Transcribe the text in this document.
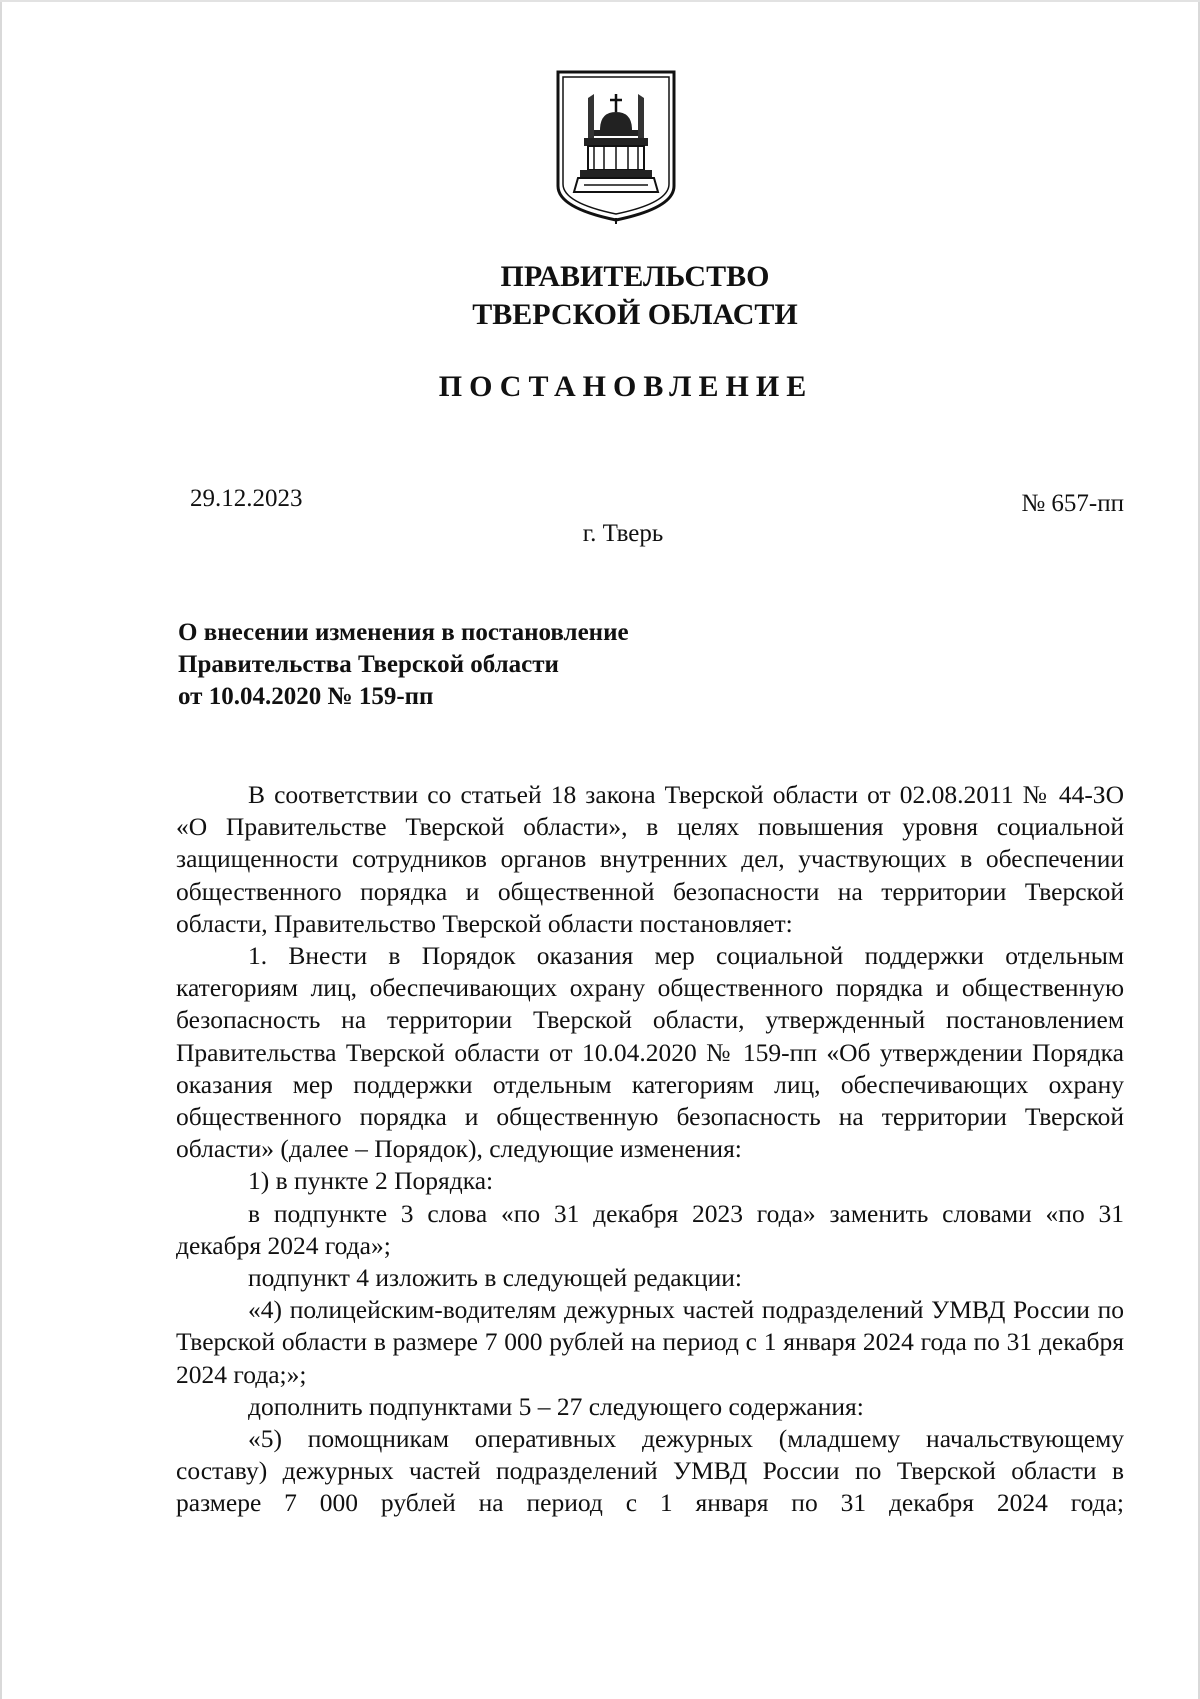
ПРАВИТЕЛЬСТВО
ТВЕРСКОЙ ОБЛАСТИ
ПОСТАНОВЛЕНИЕ
29.12.2023	№ 657-пп
г. Тверь
О внесении изменения в постановление
Правительства Тверской области
от 10.04.2020 № 159-пп

В соответствии со статьей 18 закона Тверской области от 02.08.2011 № 44-ЗО «О Правительстве Тверской области», в целях повышения уровня социальной защищенности сотрудников органов внутренних дел, участвующих в обеспечении общественного порядка и общественной безопасности на территории Тверской области, Правительство Тверской области постановляет:

1. Внести в Порядок оказания мер социальной поддержки отдельным категориям лиц, обеспечивающих охрану общественного порядка и общественную безопасность на территории Тверской области, утвержденный постановлением Правительства Тверской области от 10.04.2020 № 159-пп «Об утверждении Порядка оказания мер поддержки отдельным категориям лиц, обеспечивающих охрану общественного порядка и общественную безопасность на территории Тверской области» (далее – Порядок), следующие изменения:

1) в пункте 2 Порядка:

в подпункте 3 слова «по 31 декабря 2023 года» заменить словами «по 31 декабря 2024 года»;

подпункт 4 изложить в следующей редакции:

«4) полицейским-водителям дежурных частей подразделений УМВД России по Тверской области в размере 7 000 рублей на период с 1 января 2024 года по 31 декабря 2024 года;»;

дополнить подпунктами 5 – 27 следующего содержания:

«5) помощникам оперативных дежурных (младшему начальствующему составу) дежурных частей подразделений УМВД России по Тверской области в размере 7 000 рублей на период с 1 января по 31 декабря 2024 года;
